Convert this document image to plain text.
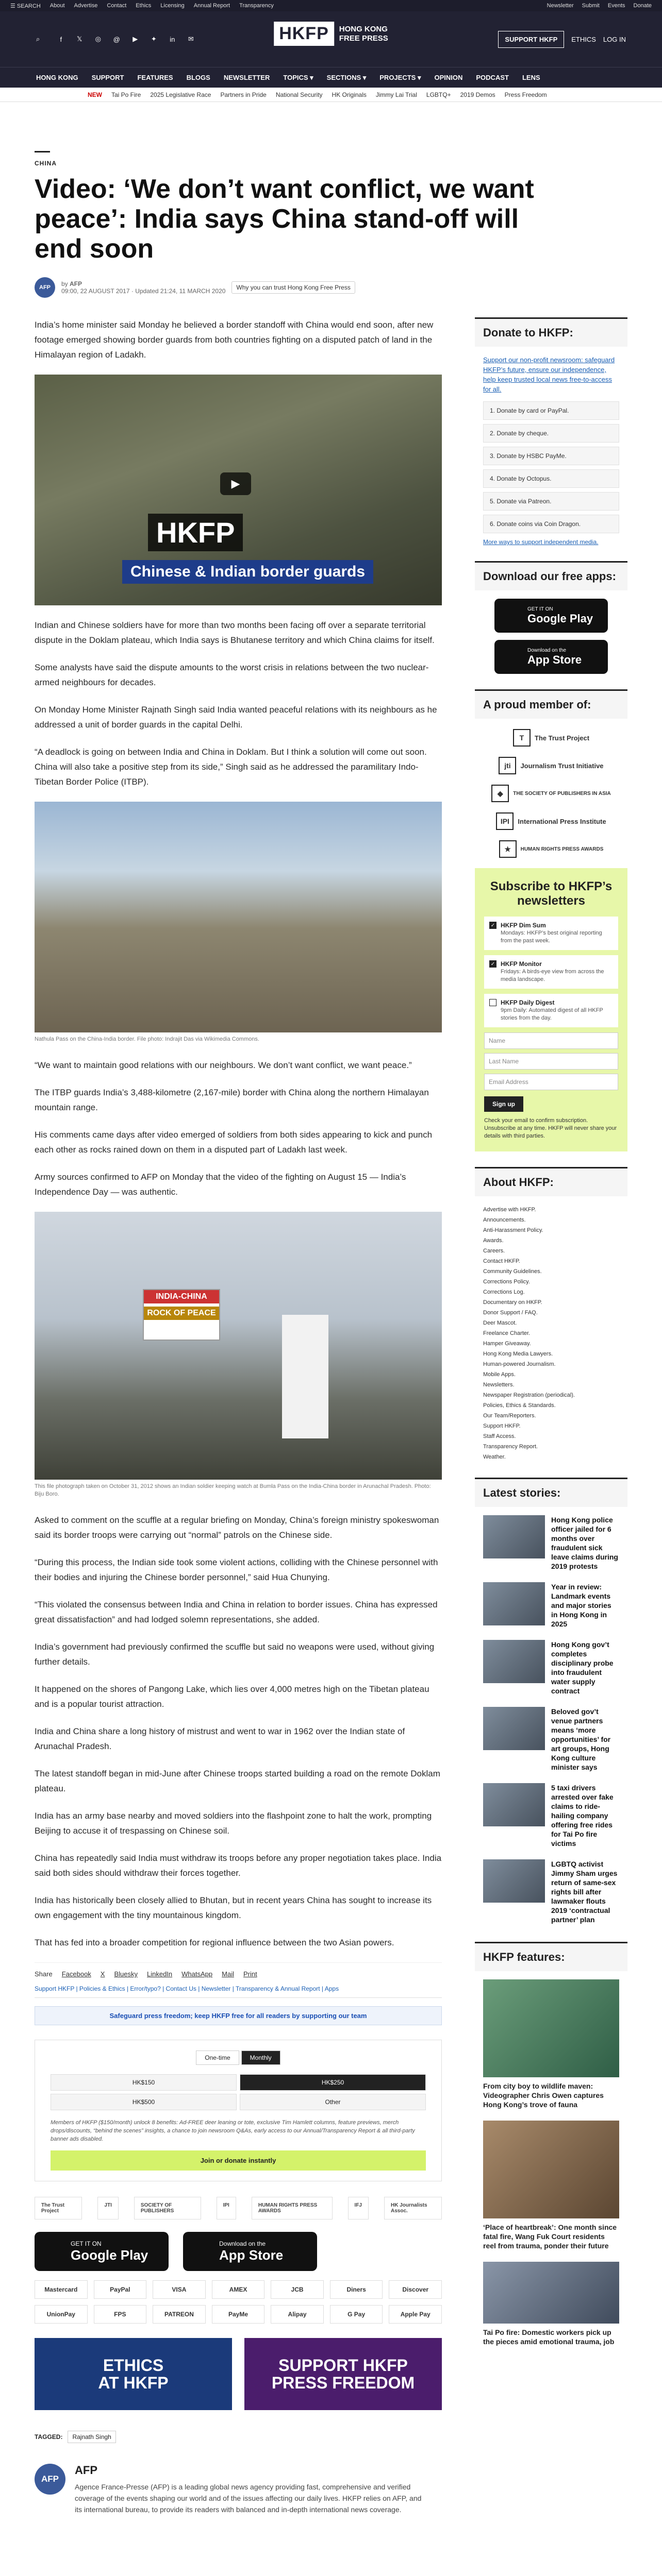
☰ SEARCH About Advertise Contact Ethics Licensing Annual Report Transparency	Newsletter Submit Events Donate
⌕	f	𝕏	◎	@	▶	✦	in	✉	HKFP	HONG KONG
FREE PRESS	SUPPORT HKFP	ETHICS LOG IN
HONG KONG SUPPORT FEATURES BLOGS NEWSLETTER TOPICS ▾ SECTIONS ▾ PROJECTS ▾ OPINION PODCAST LENS
NEW Tai Po Fire 2025 Legislative Race Partners in Pride National Security HK Originals Jimmy Lai Trial LGBTQ+ 2019 Demos Press Freedom
CHINA
Video: ‘We don’t want conflict, we want peace’: India says China stand-off will end soon
AFP	by AFP
09:00, 22 AUGUST 2017 · Updated 21:24, 11 MARCH 2020	Why you can trust Hong Kong Free Press

India’s home minister said Monday he believed a border standoff with China would end soon, after new footage emerged showing border guards from both countries fighting on a disputed patch of land in the Himalayan region of Ladakh.

▶
HKFP
Chinese & Indian border guards

Indian and Chinese soldiers have for more than two months been facing off over a separate territorial dispute in the Doklam plateau, which India says is Bhutanese territory and which China claims for itself.

Some analysts have said the dispute amounts to the worst crisis in relations between the two nuclear-armed neighbours for decades.

On Monday Home Minister Rajnath Singh said India wanted peaceful relations with its neighbours as he addressed a unit of border guards in the capital Delhi.

“A deadlock is going on between India and China in Doklam. But I think a solution will come out soon. China will also take a positive step from its side,” Singh said as he addressed the paramilitary Indo-Tibetan Border Police (ITBP).

Nathula Pass on the China-India border. File photo: Indrajit Das via Wikimedia Commons.

“We want to maintain good relations with our neighbours. We don’t want conflict, we want peace.”

The ITBP guards India’s 3,488-kilometre (2,167-mile) border with China along the northern Himalayan mountain range.

His comments came days after video emerged of soldiers from both sides appearing to kick and punch each other as rocks rained down on them in a disputed part of Ladakh last week.

Army sources confirmed to AFP on Monday that the video of the fighting on August 15 — India’s Independence Day — was authentic.

INDIA-CHINA
ROCK OF PEACE
This file photograph taken on October 31, 2012 shows an Indian soldier keeping watch at Bumla Pass on the India-China border in Arunachal Pradesh. Photo: Biju Boro.

Asked to comment on the scuffle at a regular briefing on Monday, China’s foreign ministry spokeswoman said its border troops were carrying out “normal” patrols on the Chinese side.

“During this process, the Indian side took some violent actions, colliding with the Chinese personnel with their bodies and injuring the Chinese border personnel,” said Hua Chunying.

“This violated the consensus between India and China in relation to border issues. China has expressed great dissatisfaction” and had lodged solemn representations, she added.

India’s government had previously confirmed the scuffle but said no weapons were used, without giving further details.

It happened on the shores of Pangong Lake, which lies over 4,000 metres high on the Tibetan plateau and is a popular tourist attraction.

India and China share a long history of mistrust and went to war in 1962 over the Indian state of Arunachal Pradesh.

The latest standoff began in mid-June after Chinese troops started building a road on the remote Doklam plateau.

India has an army base nearby and moved soldiers into the flashpoint zone to halt the work, prompting Beijing to accuse it of trespassing on Chinese soil.

China has repeatedly said India must withdraw its troops before any proper negotiation takes place. India said both sides should withdraw their forces together.

India has historically been closely allied to Bhutan, but in recent years China has sought to increase its own engagement with the tiny mountainous kingdom.

That has fed into a broader competition for regional influence between the two Asian powers.

Share Facebook X Bluesky LinkedIn WhatsApp Mail Print
Support HKFP | Policies & Ethics | Error/typo? | Contact Us | Newsletter | Transparency & Annual Report | Apps
Safeguard press freedom; keep HKFP free for all readers by supporting our team
One-time	Monthly
HK$150	HK$250
HK$500	Other
Members of HKFP ($150/month) unlock 8 benefits: Ad-FREE deer leaning or tote, exclusive Tim Hamlett columns, feature previews, merch drops/discounts, “behind the scenes” insights, a chance to join newsroom Q&As, early access to our Annual/Transparency Report & all third-party banner ads disabled.
Join or donate instantly
The Trust Project
JTI	SOCIETY OF PUBLISHERS
IPI	HUMAN RIGHTS PRESS AWARDS
IFJ	HK Journalists Assoc.
GET IT ON
Google Play
Download on the
App Store
Mastercard	PayPal	VISA	AMEX	JCB	Diners	Discover
UnionPay	FPS	PATREON	PayMe	Alipay	G Pay	Apple Pay
ETHICS
AT HKFP
SUPPORT HKFP
PRESS FREEDOM
TAGGED:	Rajnath Singh
AFP
AFP
Agence France-Presse (AFP) is a leading global news agency providing fast, comprehensive and verified coverage of the events shaping our world and of the issues affecting our daily lives. HKFP relies on AFP, and its international bureau, to provide its readers with balanced and in-depth international news coverage.
Donate to HKFP:
Support our non-profit newsroom: safeguard HKFP’s future, ensure our independence, help keep trusted local news free-to-access for all.
1. Donate by card or PayPal.
2. Donate by cheque.
3. Donate by HSBC PayMe.
4. Donate by Octopus.
5. Donate via Patreon.
6. Donate coins via Coin Dragon.
More ways to support independent media.
Download our free apps:
GET IT ON
Google Play
Download on the
App Store
A proud member of:
T	The Trust Project
jti	Journalism Trust Initiative
◆	THE SOCIETY OF PUBLISHERS IN ASIA
IPI	International Press Institute
★	HUMAN RIGHTS PRESS AWARDS
Subscribe to HKFP’s newsletters
✓ HKFP Dim Sum
Mondays: HKFP’s best original reporting from the past week.
✓ HKFP Monitor
Fridays: A birds-eye view from across the media landscape.
HKFP Daily Digest
9pm Daily: Automated digest of all HKFP stories from the day.
Name
Last Name
Email Address
Sign up
Check your email to confirm subscription. Unsubscribe at any time. HKFP will never share your details with third parties.
About HKFP:
Advertise with HKFP.
Announcements.
Anti-Harassment Policy.
Awards.
Careers.
Contact HKFP.
Community Guidelines.
Corrections Policy.
Corrections Log.
Documentary on HKFP.
Donor Support / FAQ.
Deer Mascot.
Freelance Charter.
Hamper Giveaway.
Hong Kong Media Lawyers.
Human-powered Journalism.
Mobile Apps.
Newsletters.
Newspaper Registration (periodical).
Policies, Ethics & Standards.
Our Team/Reporters.
Support HKFP.
Staff Access.
Transparency Report.
Weather.
Latest stories:
Hong Kong police officer jailed for 6 months over fraudulent sick leave claims during 2019 protests
Year in review: Landmark events and major stories in Hong Kong in 2025
Hong Kong gov’t completes disciplinary probe into fraudulent water supply contract
Beloved gov’t venue partners means ‘more opportunities’ for art groups, Hong Kong culture minister says
5 taxi drivers arrested over fake claims to ride-hailing company offering free rides for Tai Po fire victims
LGBTQ activist Jimmy Sham urges return of same-sex rights bill after lawmaker flouts 2019 ‘contractual partner’ plan
HKFP features:
From city boy to wildlife maven: Videographer Chris Owen captures Hong Kong’s trove of fauna
‘Place of heartbreak’: One month since fatal fire, Wang Fuk Court residents reel from trauma, ponder their future
Tai Po fire: Domestic workers pick up the pieces amid emotional trauma, job
